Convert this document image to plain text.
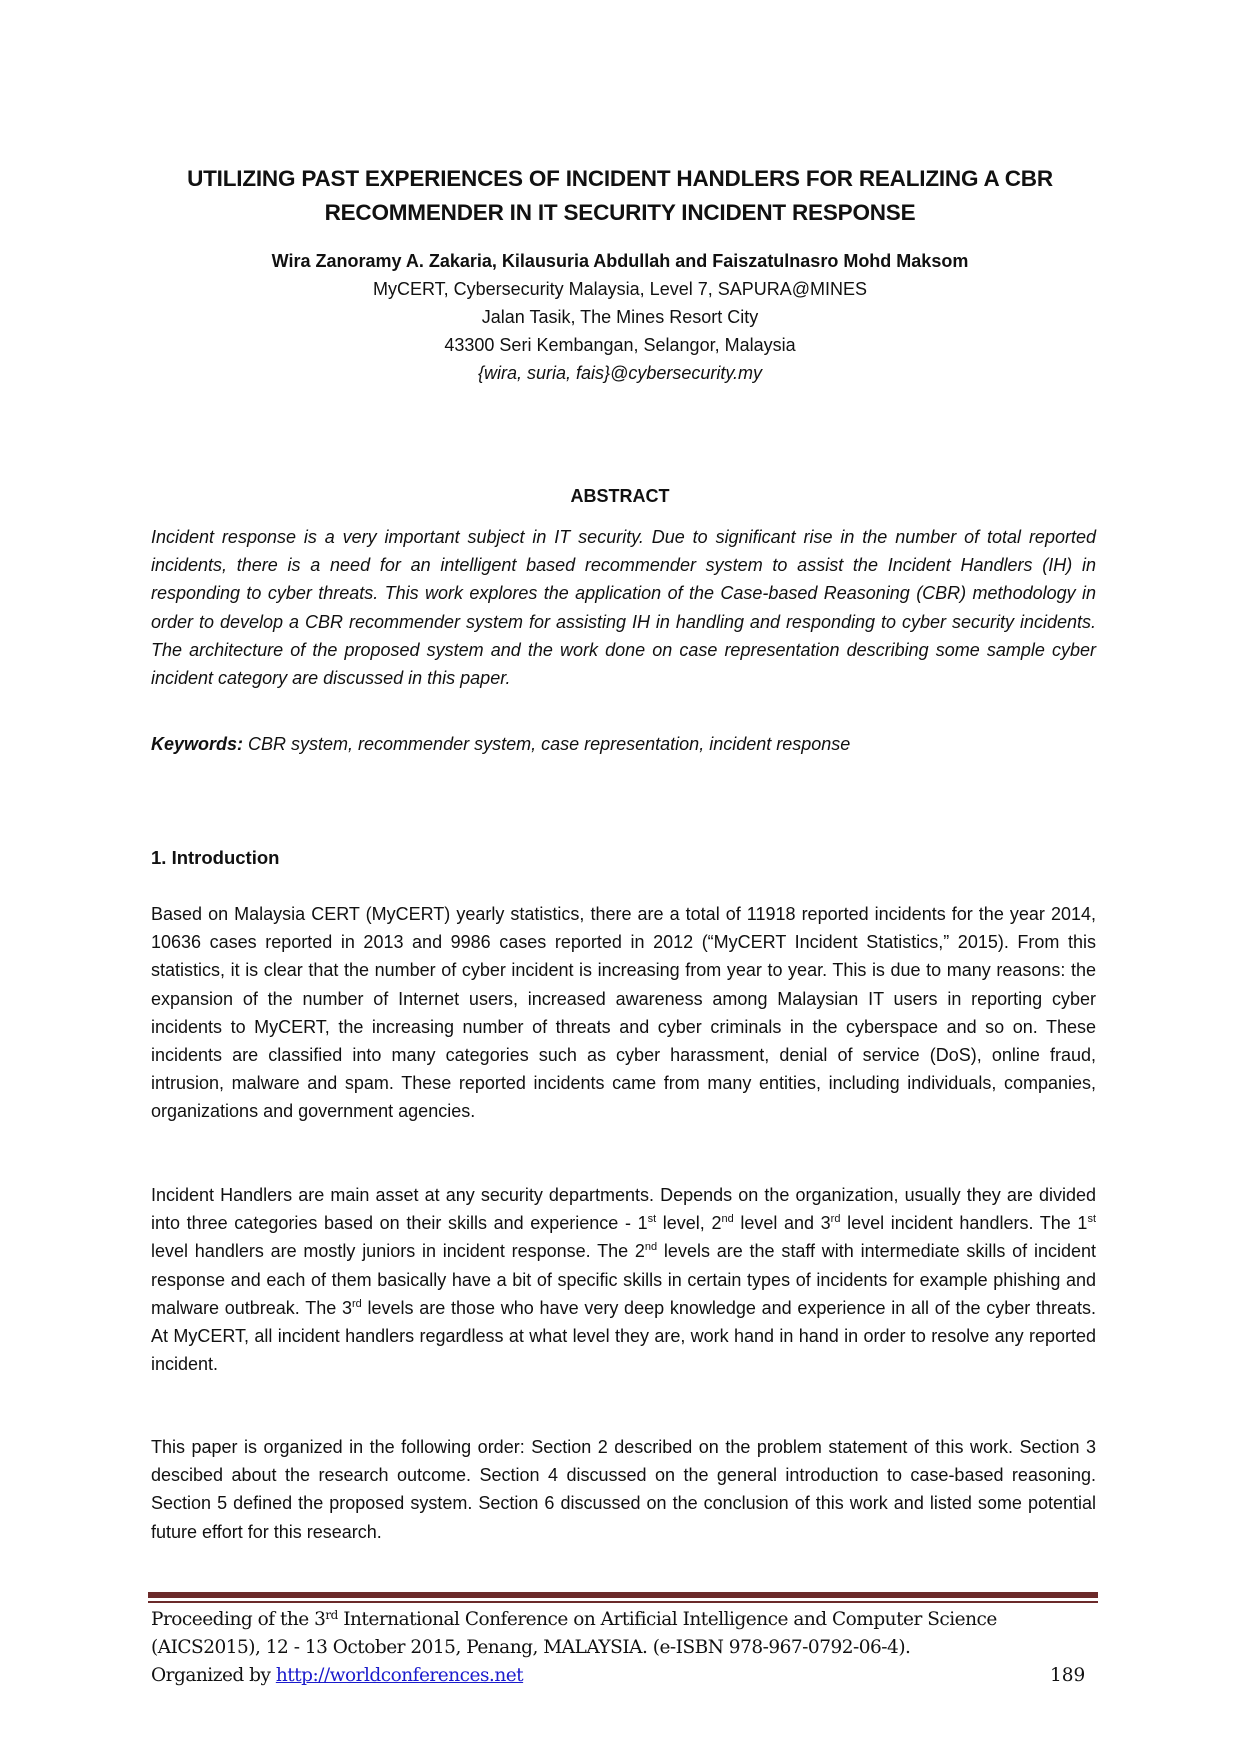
UTILIZING PAST EXPERIENCES OF INCIDENT HANDLERS FOR REALIZING A CBR
RECOMMENDER IN IT SECURITY INCIDENT RESPONSE
Wira Zanoramy A. Zakaria, Kilausuria Abdullah and Faiszatulnasro Mohd Maksom
MyCERT, Cybersecurity Malaysia, Level 7, SAPURA@MINES
Jalan Tasik, The Mines Resort City
43300 Seri Kembangan, Selangor, Malaysia
{wira, suria, fais}@cybersecurity.my
ABSTRACT
Incident response is a very important subject in IT security. Due to significant rise in the number of total reported incidents, there is a need for an intelligent based recommender system to assist the Incident Handlers (IH) in responding to cyber threats. This work explores the application of the Case-based Reasoning (CBR) methodology in order to develop a CBR recommender system for assisting IH in handling and responding to cyber security incidents. The architecture of the proposed system and the work done on case representation describing some sample cyber incident category are discussed in this paper.
Keywords: CBR system, recommender system, case representation, incident response
1. Introduction
Based on Malaysia CERT (MyCERT) yearly statistics, there are a total of 11918 reported incidents for the year 2014, 10636 cases reported in 2013 and 9986 cases reported in 2012 (“MyCERT Incident Statistics,” 2015). From this statistics, it is clear that the number of cyber incident is increasing from year to year. This is due to many reasons: the expansion of the number of Internet users, increased awareness among Malaysian IT users in reporting cyber incidents to MyCERT, the increasing number of threats and cyber criminals in the cyberspace and so on. These incidents are classified into many categories such as cyber harassment, denial of service (DoS), online fraud, intrusion, malware and spam. These reported incidents came from many entities, including individuals, companies, organizations and government agencies.
Incident Handlers are main asset at any security departments. Depends on the organization, usually they are divided into three categories based on their skills and experience - 1st level, 2nd level and 3rd level incident handlers. The 1st level handlers are mostly juniors in incident response. The 2nd levels are the staff with intermediate skills of incident response and each of them basically have a bit of specific skills in certain types of incidents for example phishing and malware outbreak. The 3rd levels are those who have very deep knowledge and experience in all of the cyber threats. At MyCERT, all incident handlers regardless at what level they are, work hand in hand in order to resolve any reported incident.
This paper is organized in the following order: Section 2 described on the problem statement of this work. Section 3 descibed about the research outcome. Section 4 discussed on the general introduction to case-based reasoning. Section 5 defined the proposed system. Section 6 discussed on the conclusion of this work and listed some potential future effort for this research.
Proceeding of the 3rd International Conference on Artificial Intelligence and Computer Science
(AICS2015), 12 - 13 October 2015, Penang, MALAYSIA. (e-ISBN 978-967-0792-06-4).
Organized by http://worldconferences.net	189
